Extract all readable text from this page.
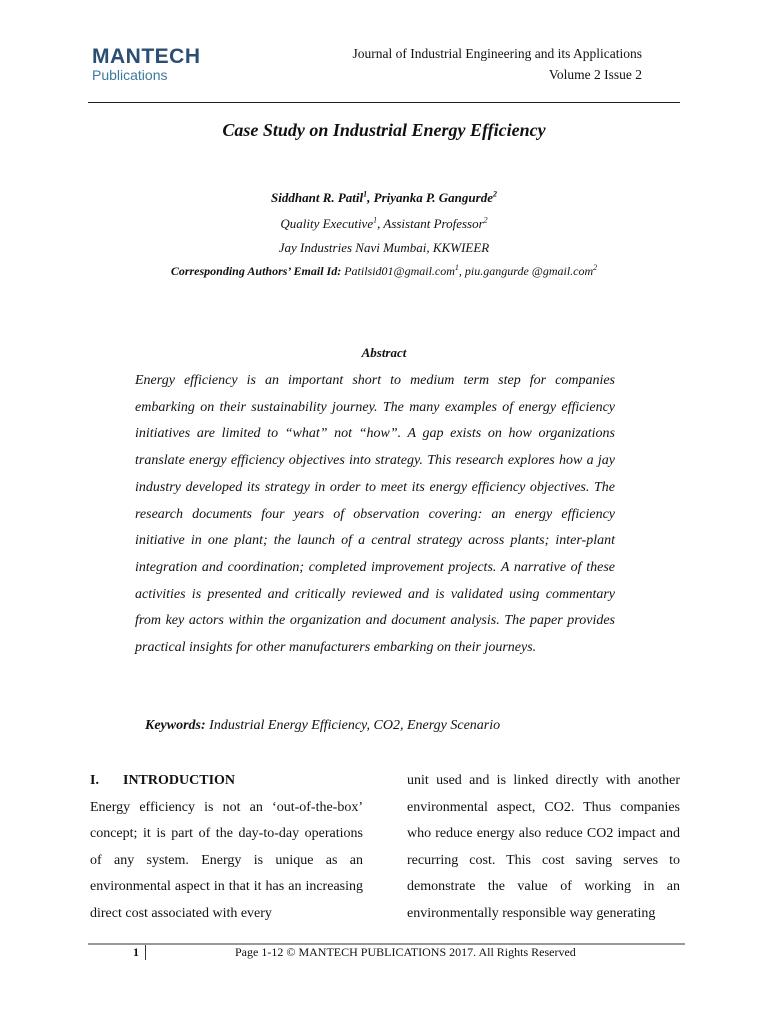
MANTECH
Publications
Journal of Industrial Engineering and its Applications
Volume 2 Issue 2
Case Study on Industrial Energy Efficiency
Siddhant R. Patil$^1$, Priyanka P. Gangurde$^2$
Quality Executive$^1$, Assistant Professor$^2$
Jay Industries Navi Mumbai, KKWIEER
Corresponding Authors’ Email Id: Patilsid01@gmail.com$^1$, piu.gangurde @gmail.com$^2$
Abstract
Energy efficiency is an important short to medium term step for companies embarking on their sustainability journey. The many examples of energy efficiency initiatives are limited to “what” not “how”. A gap exists on how organizations translate energy efficiency objectives into strategy. This research explores how a jay industry developed its strategy in order to meet its energy efficiency objectives. The research documents four years of observation covering: an energy efficiency initiative in one plant; the launch of a central strategy across plants; inter-plant integration and coordination; completed improvement projects. A narrative of these activities is presented and critically reviewed and is validated using commentary from key actors within the organization and document analysis. The paper provides practical insights for other manufacturers embarking on their journeys.
Keywords: Industrial Energy Efficiency, CO2, Energy Scenario
I. INTRODUCTION
Energy efficiency is not an ‘out-of-the-box’ concept; it is part of the day-to-day operations of any system. Energy is unique as an environmental aspect in that it has an increasing direct cost associated with every
unit used and is linked directly with another environmental aspect, CO2. Thus companies who reduce energy also reduce CO2 impact and recurring cost. This cost saving serves to demonstrate the value of working in an environmentally responsible way generating
1	Page 1-12 © MANTECH PUBLICATIONS 2017. All Rights Reserved
